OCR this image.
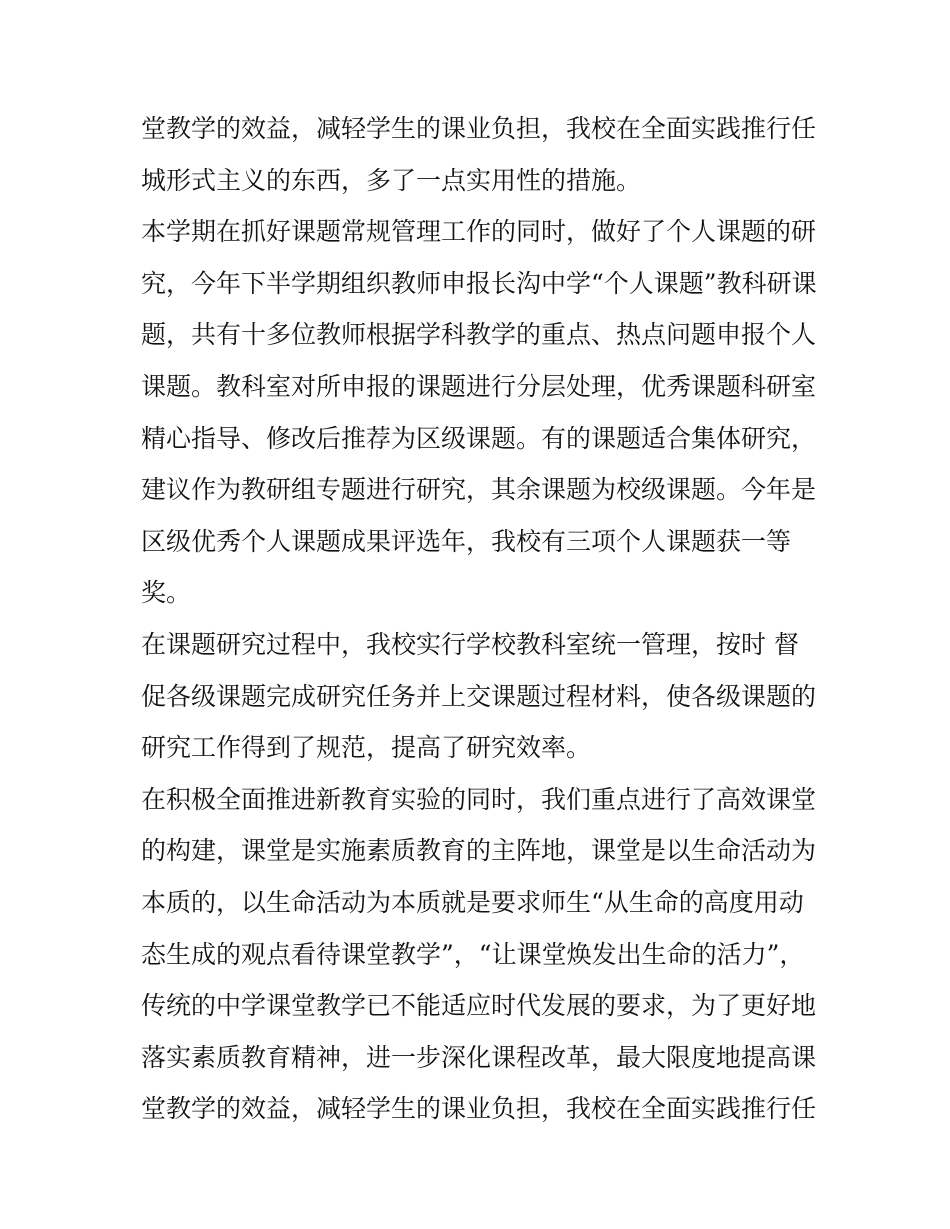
堂教学的效益，减轻学生的课业负担，我校在全面实践推行任
城形式主义的东西，多了一点实用性的措施。
本学期在抓好课题常规管理工作的同时，做好了个人课题的研
究，今年下半学期组织教师申报长沟中学“个人课题”教科研课
题，共有十多位教师根据学科教学的重点、热点问题申报个人
课题。教科室对所申报的课题进行分层处理，优秀课题科研室
精心指导、修改后推荐为区级课题。有的课题适合集体研究，
建议作为教研组专题进行研究，其余课题为校级课题。今年是
区级优秀个人课题成果评选年，我校有三项个人课题获一等
奖。
在课题研究过程中，我校实行学校教科室统一管理，按时 督
促各级课题完成研究任务并上交课题过程材料，使各级课题的
研究工作得到了规范，提高了研究效率。
在积极全面推进新教育实验的同时，我们重点进行了高效课堂
的构建，课堂是实施素质教育的主阵地，课堂是以生命活动为
本质的，以生命活动为本质就是要求师生“从生命的高度用动
态生成的观点看待课堂教学”，“让课堂焕发出生命的活力”，
传统的中学课堂教学已不能适应时代发展的要求，为了更好地
落实素质教育精神，进一步深化课程改革，最大限度地提高课
堂教学的效益，减轻学生的课业负担，我校在全面实践推行任
